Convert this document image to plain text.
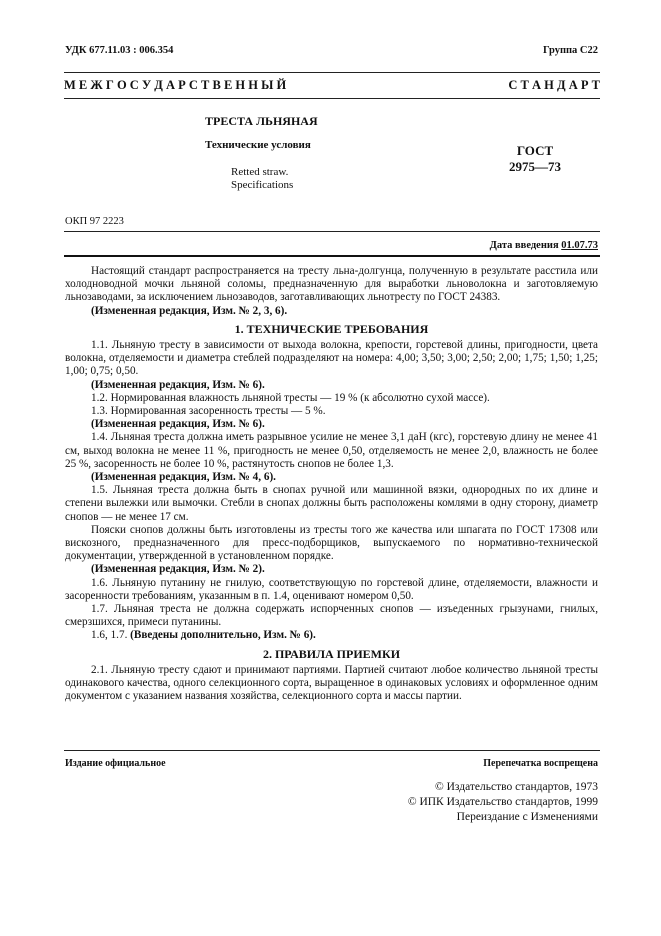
УДК 677.11.03 : 006.354	Группа С22
М Е Ж Г О С У Д А Р С Т В Е Н Н Ы Й	С Т А Н Д А Р Т
ТРЕСТА ЛЬНЯНАЯ
Технические условия
Retted straw.
Specifications
ГОСТ
2975—73
ОКП 97 2223
Дата введения 01.07.73

Настоящий стандарт распространяется на тресту льна-долгунца, полученную в результате расстила или холодноводной мочки льняной соломы, предназначенную для выработки льноволокна и заготовляемую льнозаводами, за исключением льнозаводов, заготавливающих льнотресту по ГОСТ 24383.

(Измененная редакция, Изм. № 2, 3, 6).

1. ТЕХНИЧЕСКИЕ ТРЕБОВАНИЯ

1.1. Льняную тресту в зависимости от выхода волокна, крепости, горстевой длины, пригодности, цвета волокна, отделяемости и диаметра стеблей подразделяют на номера: 4,00; 3,50; 3,00; 2,50; 2,00; 1,75; 1,50; 1,25; 1,00; 0,75; 0,50.

(Измененная редакция, Изм. № 6).

1.2. Нормированная влажность льняной тресты — 19 % (к абсолютно сухой массе).

1.3. Нормированная засоренность тресты — 5 %.

(Измененная редакция, Изм. № 6).

1.4. Льняная треста должна иметь разрывное усилие не менее 3,1 даН (кгс), горстевую длину не менее 41 см, выход волокна не менее 11 %, пригодность не менее 0,50, отделяемость не менее 2,0, влажность не более 25 %, засоренность не более 10 %, растянутость снопов не более 1,3.

(Измененная редакция, Изм. № 4, 6).

1.5. Льняная треста должна быть в снопах ручной или машинной вязки, однородных по их длине и степени вылежки или вымочки. Стебли в снопах должны быть расположены комлями в одну сторону, диаметр снопов — не менее 17 см.

Пояски снопов должны быть изготовлены из тресты того же качества или шпагата по ГОСТ 17308 или вискозного, предназначенного для пресс-подборщиков, выпускаемого по нормативно-технической документации, утвержденной в установленном порядке.

(Измененная редакция, Изм. № 2).

1.6. Льняную путанину не гнилую, соответствующую по горстевой длине, отделяемости, влажности и засоренности требованиям, указанным в п. 1.4, оценивают номером 0,50.

1.7. Льняная треста не должна содержать испорченных снопов — изъеденных грызунами, гнилых, смерзшихся, примеси путанины.

1.6, 1.7. (Введены дополнительно, Изм. № 6).

2. ПРАВИЛА ПРИЕМКИ

2.1. Льняную тресту сдают и принимают партиями. Партией считают любое количество льняной тресты одинакового качества, одного селекционного сорта, выращенное в одинаковых условиях и оформленное одним документом с указанием названия хозяйства, селекционного сорта и массы партии.

Издание официальное	Перепечатка воспрещена
© Издательство стандартов, 1973
© ИПК Издательство стандартов, 1999
Переиздание с Изменениями
